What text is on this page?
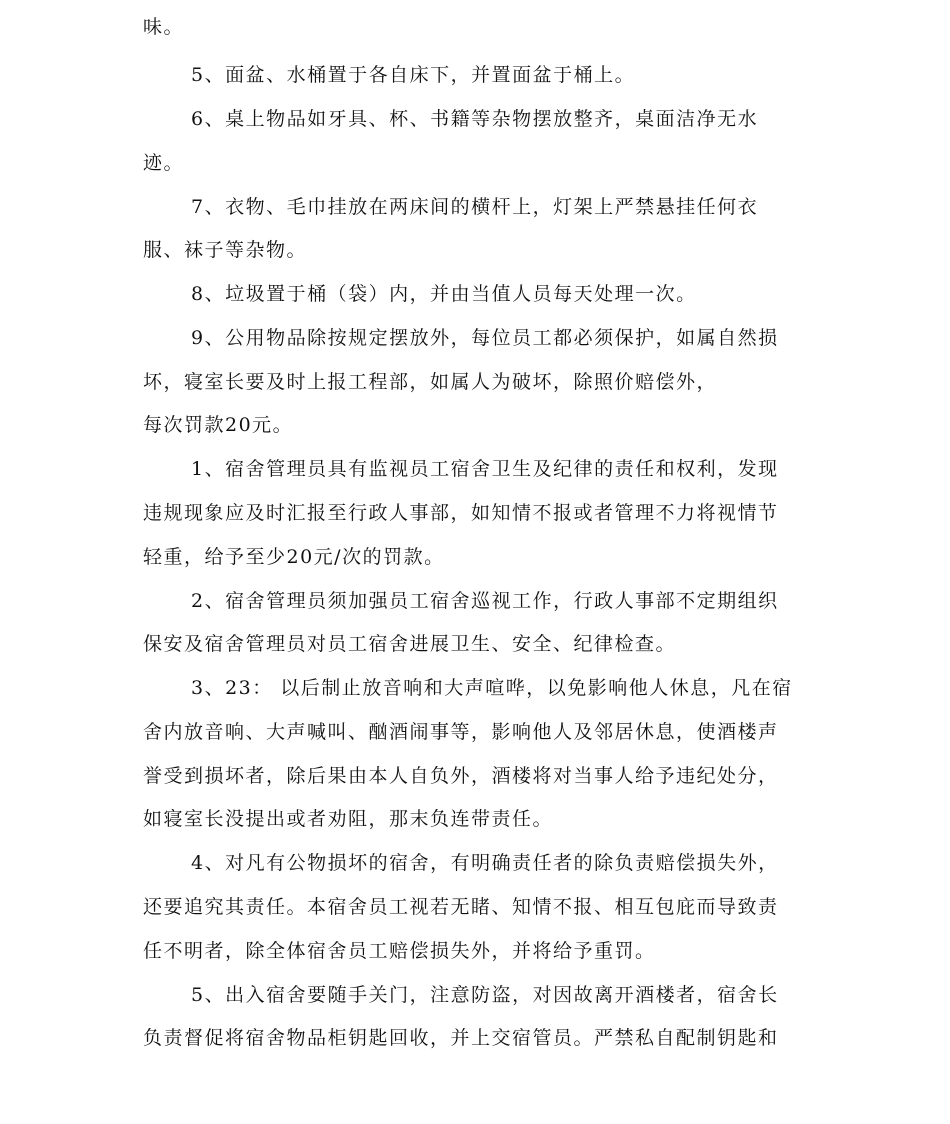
味。
5、面盆、水桶置于各自床下，并置面盆于桶上。
6、桌上物品如牙具、杯、书籍等杂物摆放整齐，桌面洁净无水
迹。
7、衣物、毛巾挂放在两床间的横杆上，灯架上严禁悬挂任何衣
服、袜子等杂物。
8、垃圾置于桶（袋）内，并由当值人员每天处理一次。
9、公用物品除按规定摆放外，每位员工都必须保护，如属自然损
坏，寝室长要及时上报工程部，如属人为破坏，除照价赔偿外，
每次罚款20元。
1、宿舍管理员具有监视员工宿舍卫生及纪律的责任和权利，发现
违规现象应及时汇报至行政人事部，如知情不报或者管理不力将视情节
轻重，给予至少20元/次的罚款。
2、宿舍管理员须加强员工宿舍巡视工作，行政人事部不定期组织
保安及宿舍管理员对员工宿舍进展卫生、安全、纪律检查。
3、23： 以后制止放音响和大声喧哗，以免影响他人休息，凡在宿
舍内放音响、大声喊叫、酗酒闹事等，影响他人及邻居休息，使酒楼声
誉受到损坏者，除后果由本人自负外，酒楼将对当事人给予违纪处分，
如寝室长没提出或者劝阻，那末负连带责任。
4、对凡有公物损坏的宿舍，有明确责任者的除负责赔偿损失外，
还要追究其责任。本宿舍员工视若无睹、知情不报、相互包庇而导致责
任不明者，除全体宿舍员工赔偿损失外，并将给予重罚。
5、出入宿舍要随手关门，注意防盗，对因故离开酒楼者，宿舍长
负责督促将宿舍物品柜钥匙回收，并上交宿管员。严禁私自配制钥匙和
